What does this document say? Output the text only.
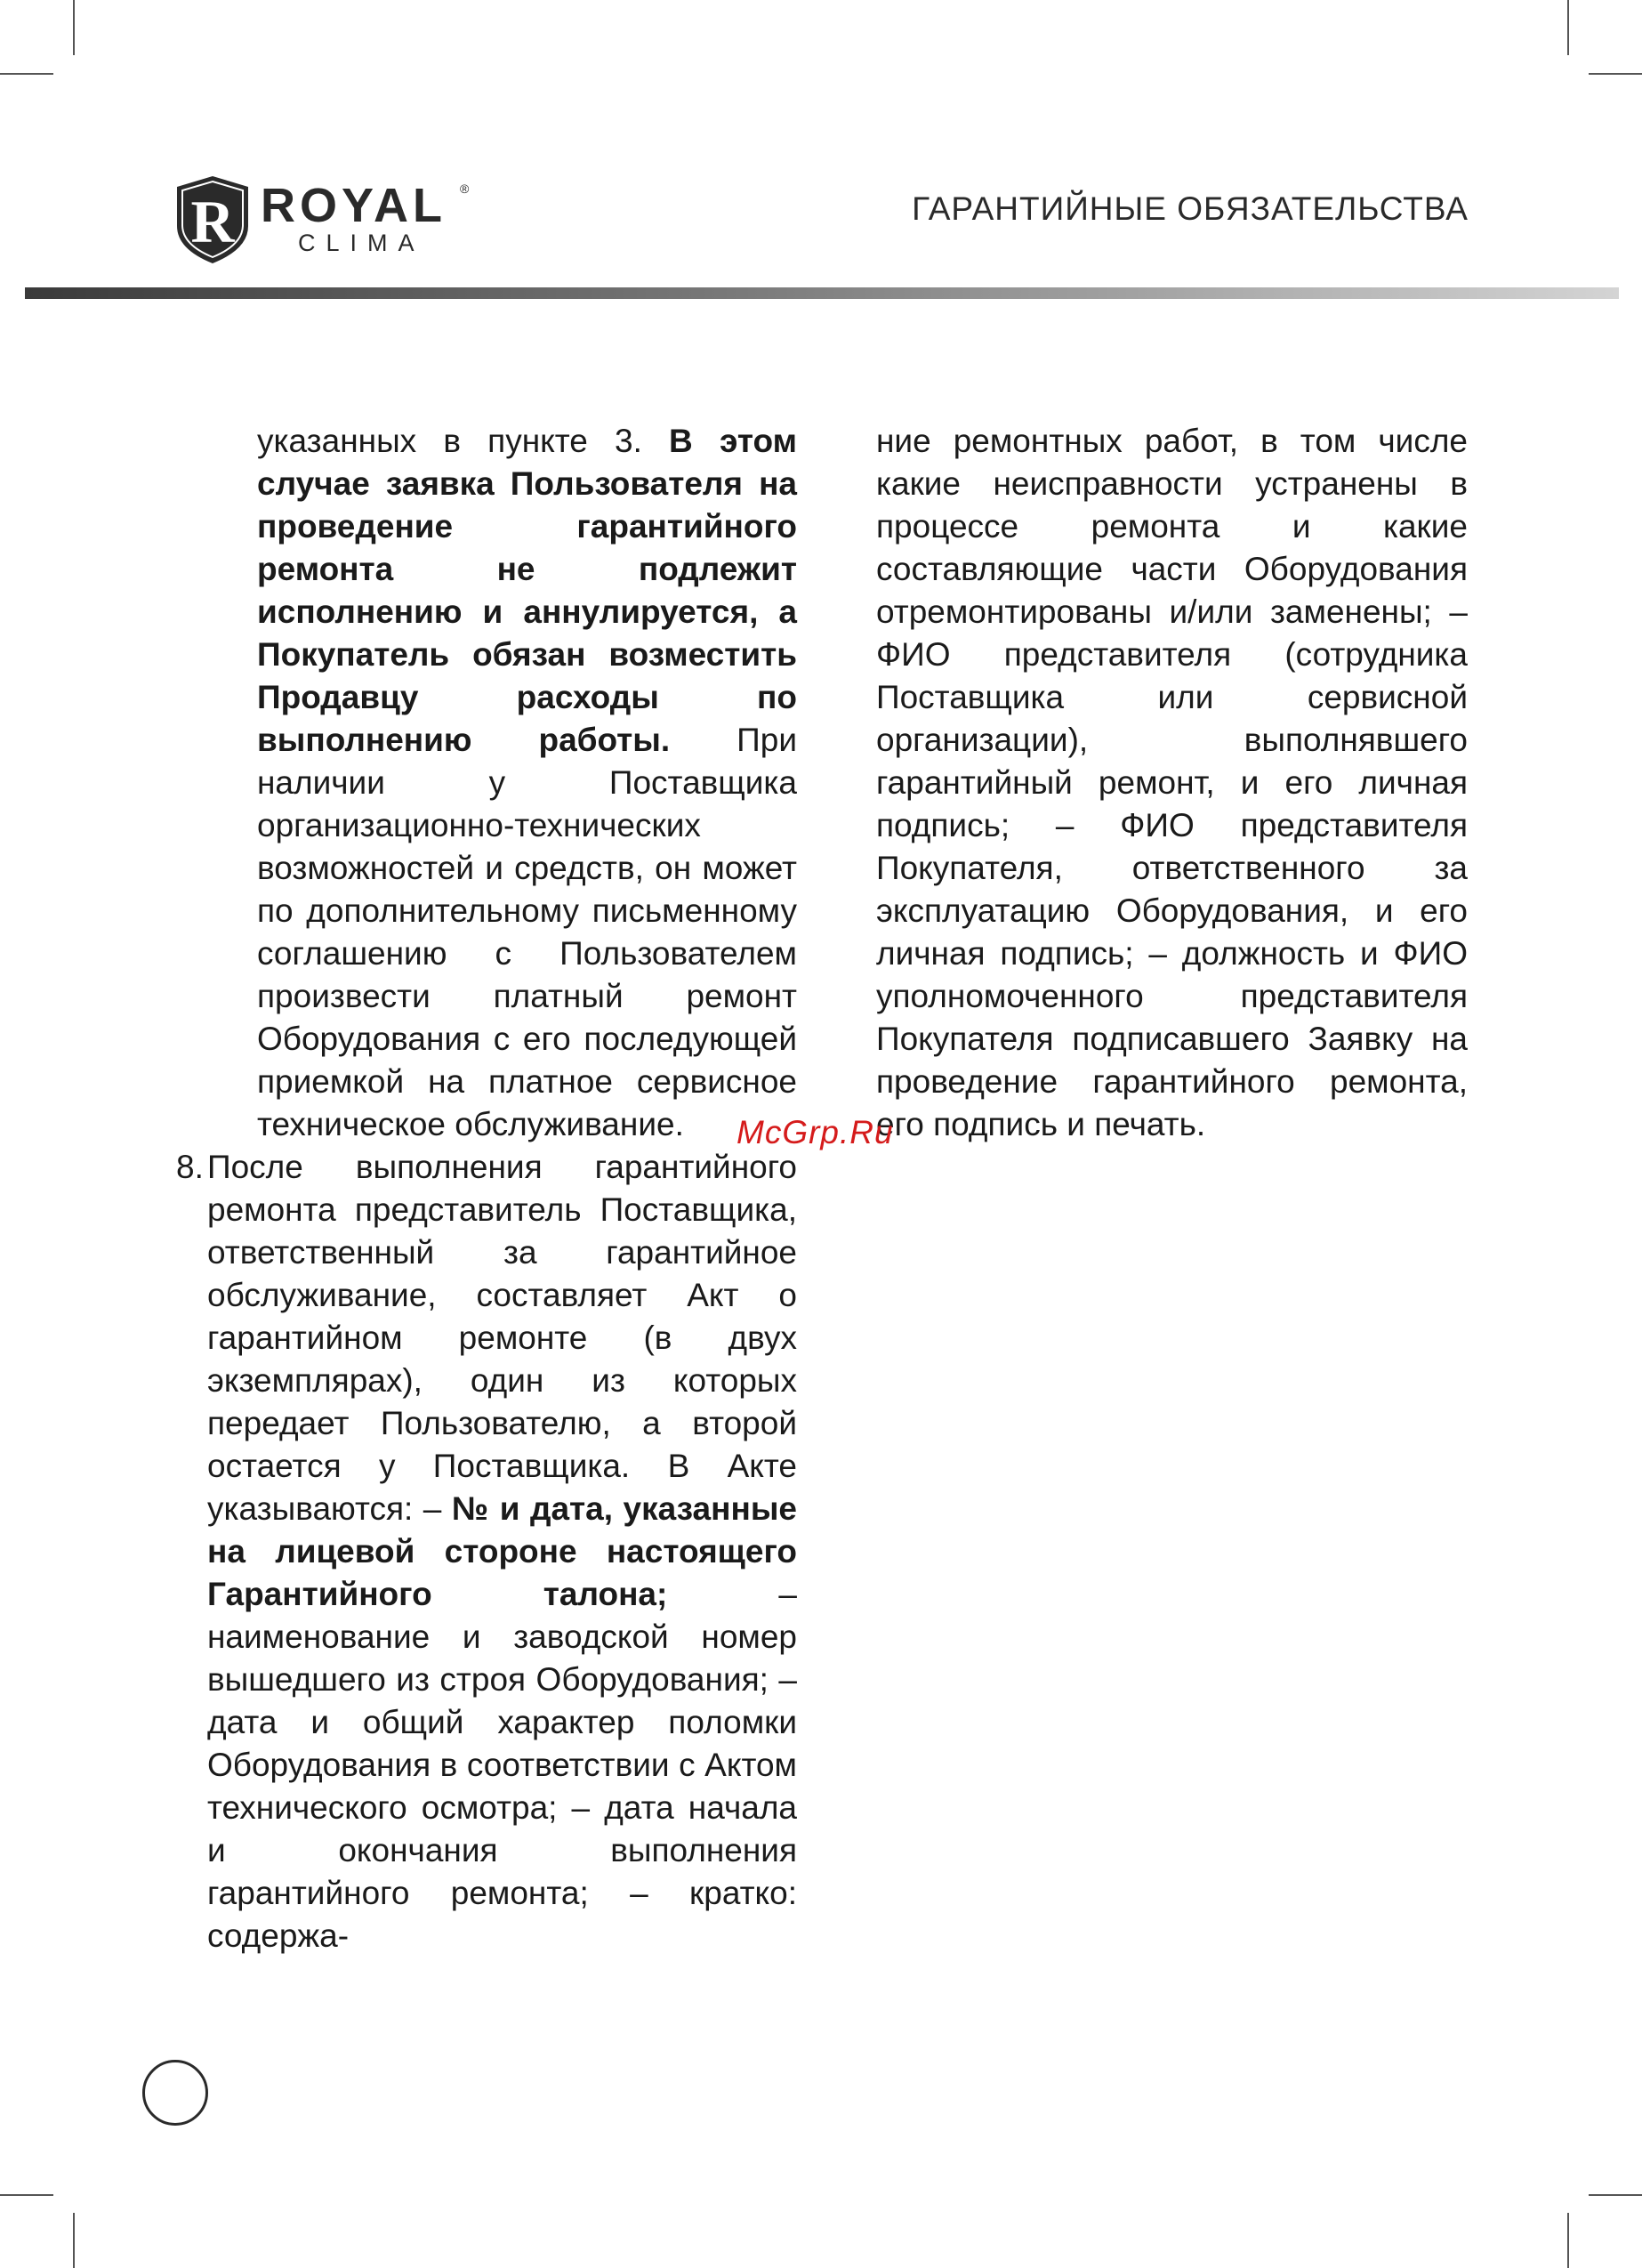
R ROYAL ®
CLIMA
ГАРАНТИЙНЫЕ ОБЯЗАТЕЛЬСТВА

указанных в пункте 3. В этом случае заявка Пользователя на проведение гарантийного ремонта не подлежит исполнению и аннулируется, а Покупатель обязан возместить Продавцу расходы по выполнению работы. При наличии у Поставщика организационно-технических возможностей и средств, он может по дополнительному письменному соглашению с Пользователем произвести платный ремонт Оборудования с его последующей приемкой на платное сервисное техническое обслуживание.

8. После выполнения гарантийного ремонта представитель Поставщика, ответственный за гарантийное обслуживание, составляет Акт о гарантийном ремонте (в двух экземплярах), один из которых передает Пользователю, а второй остается у Поставщика. В Акте указываются: – № и дата, указанные на лицевой стороне настоящего Гарантийного талона; – наименование и заводской номер вышедшего из строя Оборудования; – дата и общий характер поломки Оборудования в соответствии с Актом технического осмотра; – дата начала и окончания выполнения гарантийного ремонта; – кратко: содержа-

ние ремонтных работ, в том числе какие неисправности устранены в процессе ремонта и какие составляющие части Оборудования отремонтированы и/или заменены; – ФИО представителя (сотрудника Поставщика или сервисной организации), выполнявшего гарантийный ремонт, и его личная подпись; – ФИО представителя Покупателя, ответственного за эксплуатацию Оборудования, и его личная подпись; – должность и ФИО уполномоченного представителя Покупателя подписавшего Заявку на проведение гарантийного ремонта, его подпись и печать.

McGrp.Ru
